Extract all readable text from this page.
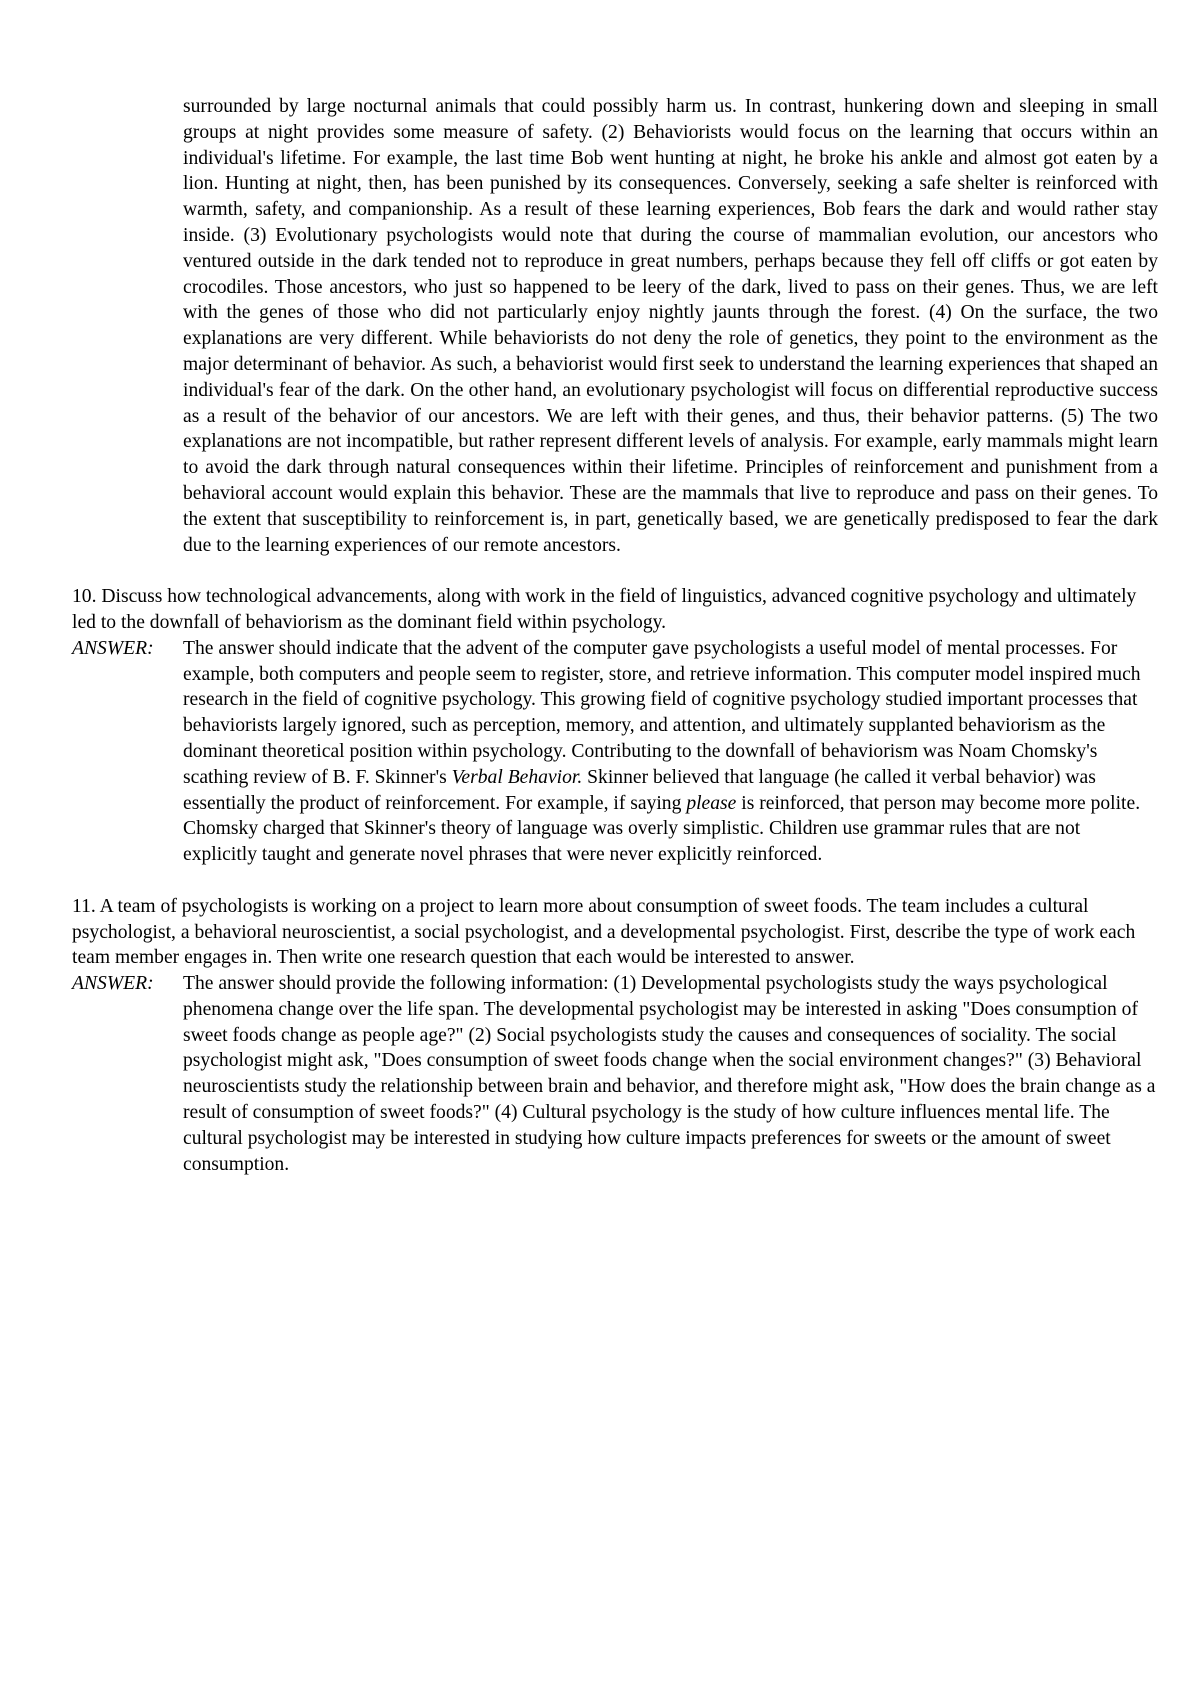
surrounded by large nocturnal animals that could possibly harm us. In contrast, hunkering down and sleeping in small groups at night provides some measure of safety. (2) Behaviorists would focus on the learning that occurs within an individual's lifetime. For example, the last time Bob went hunting at night, he broke his ankle and almost got eaten by a lion. Hunting at night, then, has been punished by its consequences. Conversely, seeking a safe shelter is reinforced with warmth, safety, and companionship. As a result of these learning experiences, Bob fears the dark and would rather stay inside. (3) Evolutionary psychologists would note that during the course of mammalian evolution, our ancestors who ventured outside in the dark tended not to reproduce in great numbers, perhaps because they fell off cliffs or got eaten by crocodiles. Those ancestors, who just so happened to be leery of the dark, lived to pass on their genes. Thus, we are left with the genes of those who did not particularly enjoy nightly jaunts through the forest. (4) On the surface, the two explanations are very different. While behaviorists do not deny the role of genetics, they point to the environment as the major determinant of behavior. As such, a behaviorist would first seek to understand the learning experiences that shaped an individual's fear of the dark. On the other hand, an evolutionary psychologist will focus on differential reproductive success as a result of the behavior of our ancestors. We are left with their genes, and thus, their behavior patterns. (5) The two explanations are not incompatible, but rather represent different levels of analysis. For example, early mammals might learn to avoid the dark through natural consequences within their lifetime. Principles of reinforcement and punishment from a behavioral account would explain this behavior. These are the mammals that live to reproduce and pass on their genes. To the extent that susceptibility to reinforcement is, in part, genetically based, we are genetically predisposed to fear the dark due to the learning experiences of our remote ancestors.
10. Discuss how technological advancements, along with work in the field of linguistics, advanced cognitive psychology and ultimately led to the downfall of behaviorism as the dominant field within psychology.
ANSWER:	The answer should indicate that the advent of the computer gave psychologists a useful model of mental processes. For example, both computers and people seem to register, store, and retrieve information. This computer model inspired much research in the field of cognitive psychology. This growing field of cognitive psychology studied important processes that behaviorists largely ignored, such as perception, memory, and attention, and ultimately supplanted behaviorism as the dominant theoretical position within psychology. Contributing to the downfall of behaviorism was Noam Chomsky's scathing review of B. F. Skinner's Verbal Behavior. Skinner believed that language (he called it verbal behavior) was essentially the product of reinforcement. For example, if saying please is reinforced, that person may become more polite. Chomsky charged that Skinner's theory of language was overly simplistic. Children use grammar rules that are not explicitly taught and generate novel phrases that were never explicitly reinforced.
11. A team of psychologists is working on a project to learn more about consumption of sweet foods. The team includes a cultural psychologist, a behavioral neuroscientist, a social psychologist, and a developmental psychologist. First, describe the type of work each team member engages in. Then write one research question that each would be interested to answer.
ANSWER:	The answer should provide the following information: (1) Developmental psychologists study the ways psychological phenomena change over the life span. The developmental psychologist may be interested in asking "Does consumption of sweet foods change as people age?" (2) Social psychologists study the causes and consequences of sociality. The social psychologist might ask, "Does consumption of sweet foods change when the social environment changes?" (3) Behavioral neuroscientists study the relationship between brain and behavior, and therefore might ask, "How does the brain change as a result of consumption of sweet foods?" (4) Cultural psychology is the study of how culture influences mental life. The cultural psychologist may be interested in studying how culture impacts preferences for sweets or the amount of sweet consumption.
